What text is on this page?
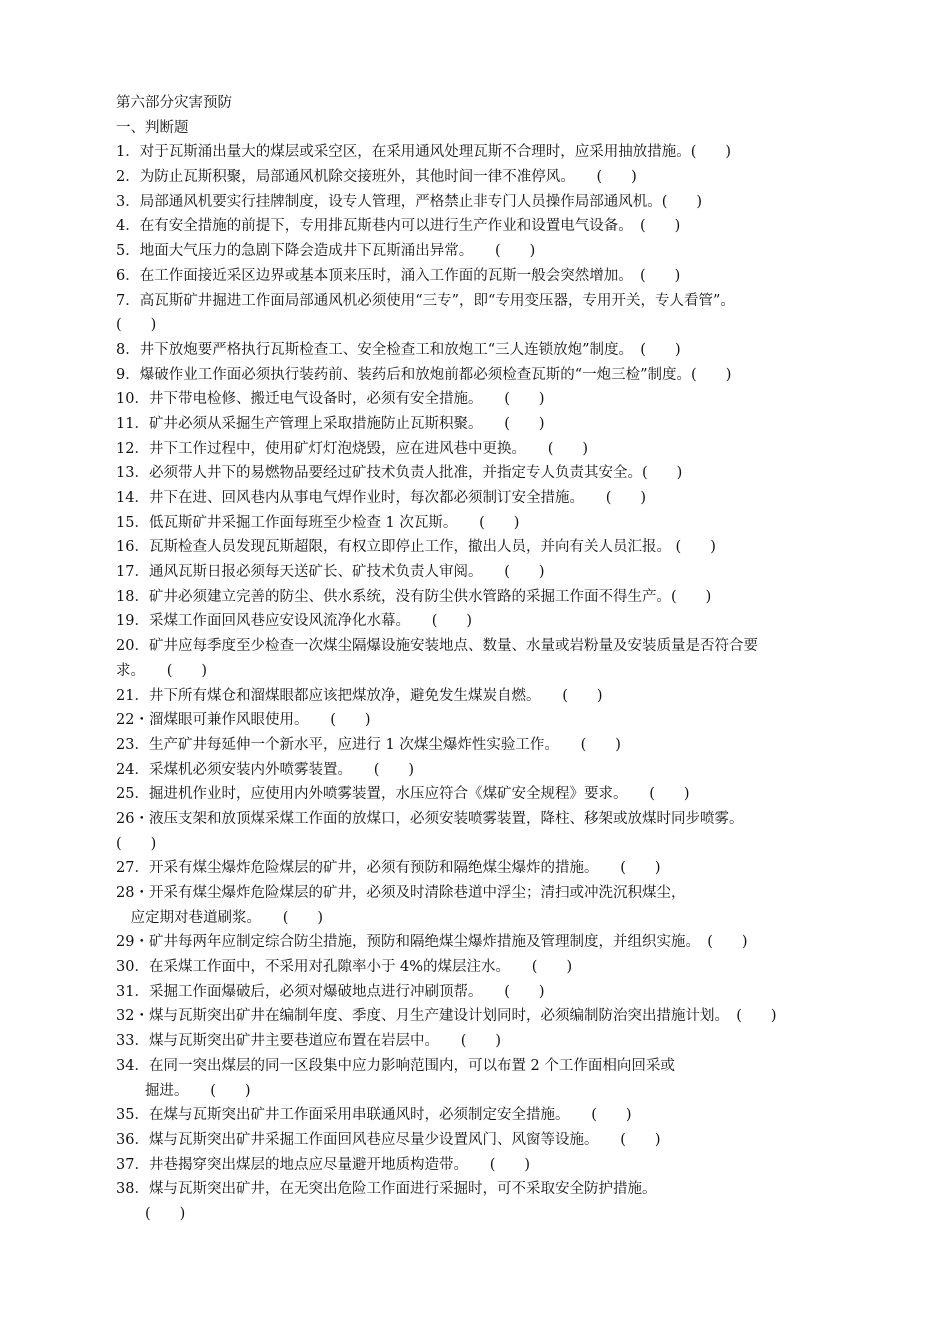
第六部分灾害预防
一、判断题
1．对于瓦斯涌出量大的煤层或采空区，在采用通风处理瓦斯不合理时，应采用抽放措施。(　　)
2．为防止瓦斯积聚，局部通风机除交接班外，其他时间一律不准停风。　　(　　)
3．局部通风机要实行挂牌制度，设专人管理，严格禁止非专门人员操作局部通风机。(　　)
4．在有安全措施的前提下，专用排瓦斯巷内可以进行生产作业和设置电气设备。　(　　)
5．地面大气压力的急剧下降会造成井下瓦斯涌出异常。　　(　　)
6．在工作面接近采区边界或基本顶来压时，涌入工作面的瓦斯一般会突然增加。　(　　)
7．高瓦斯矿井掘进工作面局部通风机必须使用“三专”，即“专用变压器，专用开关，专人看管”。
(　　)
8．井下放炮要严格执行瓦斯检查工、安全检查工和放炮工“三人连锁放炮”制度。　(　　)
9．爆破作业工作面必须执行装药前、装药后和放炮前都必须检查瓦斯的“一炮三检”制度。(　　)
10．井下带电检修、搬迁电气设备时，必须有安全措施。　　(　　)
11．矿井必须从采掘生产管理上采取措施防止瓦斯积聚。　　(　　)
12．井下工作过程中，使用矿灯灯泡烧毁，应在进风巷中更换。　　(　　)
13．必须带人井下的易燃物品要经过矿技术负责人批准，并指定专人负责其安全。(　　)
14．井下在进、回风巷内从事电气焊作业时，每次都必须制订安全措施。　　(　　)
15．低瓦斯矿井采掘工作面每班至少检查 1 次瓦斯。　　(　　)
16．瓦斯检查人员发现瓦斯超限，有权立即停止工作，撤出人员，并向有关人员汇报。 (　　)
17．通风瓦斯日报必须每天送矿长、矿技术负责人审阅。　　(　　)
18．矿井必须建立完善的防尘、供水系统，没有防尘供水管路的采掘工作面不得生产。(　　)
19．采煤工作面回风巷应安设风流净化水幕。　　(　　)
20．矿井应每季度至少检查一次煤尘隔爆设施安装地点、数量、水量或岩粉量及安装质量是否符合要
求。　　(　　)
21．井下所有煤仓和溜煤眼都应该把煤放净，避免发生煤炭自燃。　　(　　)
22・溜煤眼可兼作风眼使用。　　(　　)
23．生产矿井每延伸一个新水平，应进行 1 次煤尘爆炸性实验工作。　　(　　)
24．采煤机必须安装内外喷雾装置。　　(　　)
25．掘进机作业时，应使用内外喷雾装置，水压应符合《煤矿安全规程》要求。　　(　　)
26・液压支架和放顶煤采煤工作面的放煤口，必须安装喷雾装置，降柱、移架或放煤时同步喷雾。
(　　)
27．开采有煤尘爆炸危险煤层的矿井，必须有预防和隔绝煤尘爆炸的措施。　　(　　)
28・开采有煤尘爆炸危险煤层的矿井，必须及时清除巷道中浮尘；清扫或冲洗沉积煤尘，
　应定期对巷道刷浆。　　(　　)
29・矿井每两年应制定综合防尘措施，预防和隔绝煤尘爆炸措施及管理制度，并组织实施。　(　　)
30．在采煤工作面中，不采用对孔隙率小于 4%的煤层注水。　　(　　)
31．采掘工作面爆破后，必须对爆破地点进行冲刷顶帮。　　(　　)
32・煤与瓦斯突出矿井在编制年度、季度、月生产建设计划同时，必须编制防治突出措施计划。　(　　)
33．煤与瓦斯突出矿井主要巷道应布置在岩层中。　　(　　)
34．在同一突出煤层的同一区段集中应力影响范围内，可以布置 2 个工作面相向回采或
　　掘进。　　(　　)
35．在煤与瓦斯突出矿井工作面采用串联通风时，必须制定安全措施。　　(　　)
36．煤与瓦斯突出矿井采掘工作面回风巷应尽量少设置风门、风窗等设施。　　(　　)
37．井巷揭穿突出煤层的地点应尽量避开地质构造带。　　(　　)
38．煤与瓦斯突出矿井，在无突出危险工作面进行采掘时，可不采取安全防护措施。
　　(　　)
